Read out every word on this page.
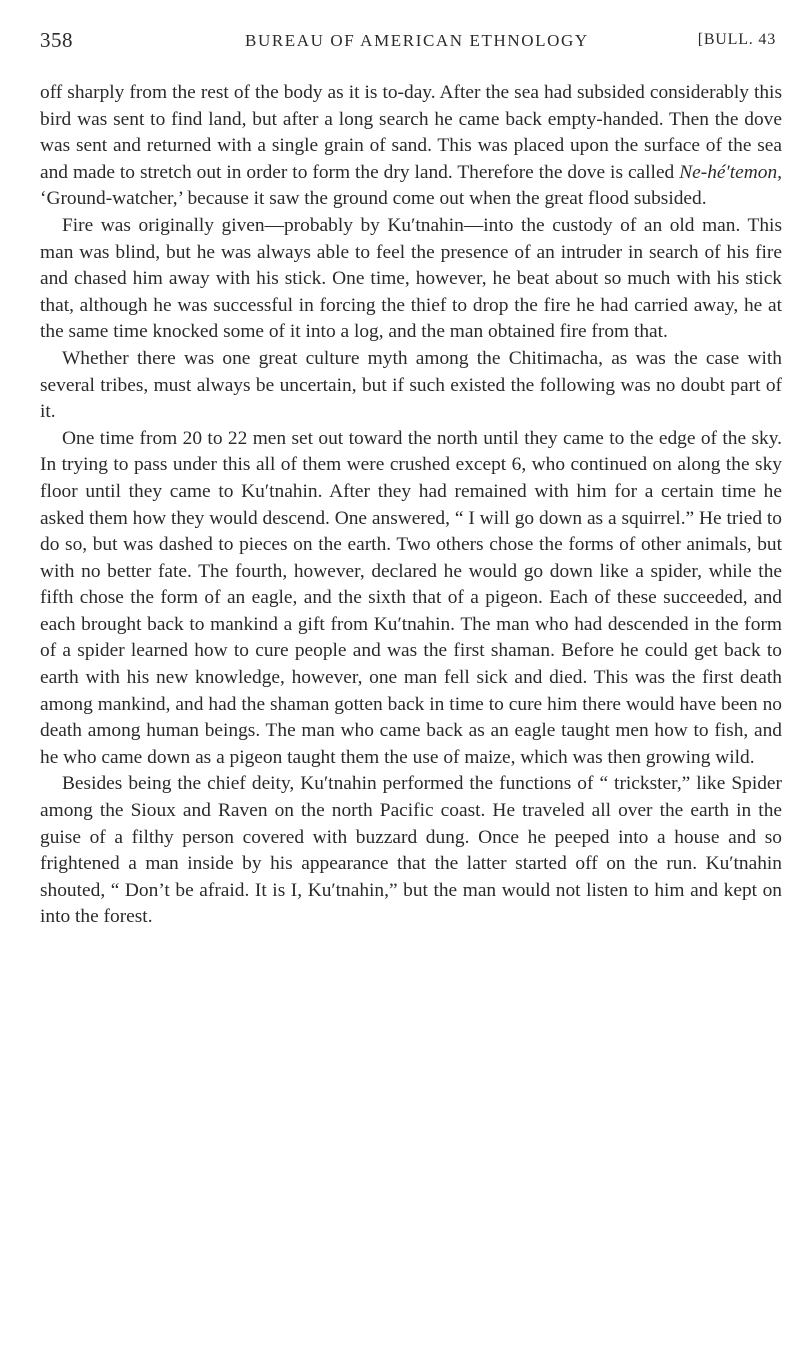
358	BUREAU OF AMERICAN ETHNOLOGY	[BULL. 43

off sharply from the rest of the body as it is to-day. After the sea had subsided considerably this bird was sent to find land, but after a long search he came back empty-handed. Then the dove was sent and returned with a single grain of sand. This was placed upon the surface of the sea and made to stretch out in order to form the dry land. Therefore the dove is called Ne-hé′temon, ‘Ground-watcher,’ because it saw the ground come out when the great flood subsided.

Fire was originally given—probably by Ku′tnahin—into the custody of an old man. This man was blind, but he was always able to feel the presence of an intruder in search of his fire and chased him away with his stick. One time, however, he beat about so much with his stick that, although he was successful in forcing the thief to drop the fire he had carried away, he at the same time knocked some of it into a log, and the man obtained fire from that.

Whether there was one great culture myth among the Chitimacha, as was the case with several tribes, must always be uncertain, but if such existed the following was no doubt part of it.

One time from 20 to 22 men set out toward the north until they came to the edge of the sky. In trying to pass under this all of them were crushed except 6, who continued on along the sky floor until they came to Ku′tnahin. After they had remained with him for a certain time he asked them how they would descend. One answered, “ I will go down as a squirrel.” He tried to do so, but was dashed to pieces on the earth. Two others chose the forms of other animals, but with no better fate. The fourth, however, declared he would go down like a spider, while the fifth chose the form of an eagle, and the sixth that of a pigeon. Each of these succeeded, and each brought back to mankind a gift from Ku′tnahin. The man who had descended in the form of a spider learned how to cure people and was the first shaman. Before he could get back to earth with his new knowledge, however, one man fell sick and died. This was the first death among mankind, and had the shaman gotten back in time to cure him there would have been no death among human beings. The man who came back as an eagle taught men how to fish, and he who came down as a pigeon taught them the use of maize, which was then growing wild.

Besides being the chief deity, Ku′tnahin performed the functions of “ trickster,” like Spider among the Sioux and Raven on the north Pacific coast. He traveled all over the earth in the guise of a filthy person covered with buzzard dung. Once he peeped into a house and so frightened a man inside by his appearance that the latter started off on the run. Ku′tnahin shouted, “ Don’t be afraid. It is I, Ku′tnahin,” but the man would not listen to him and kept on into the forest.
